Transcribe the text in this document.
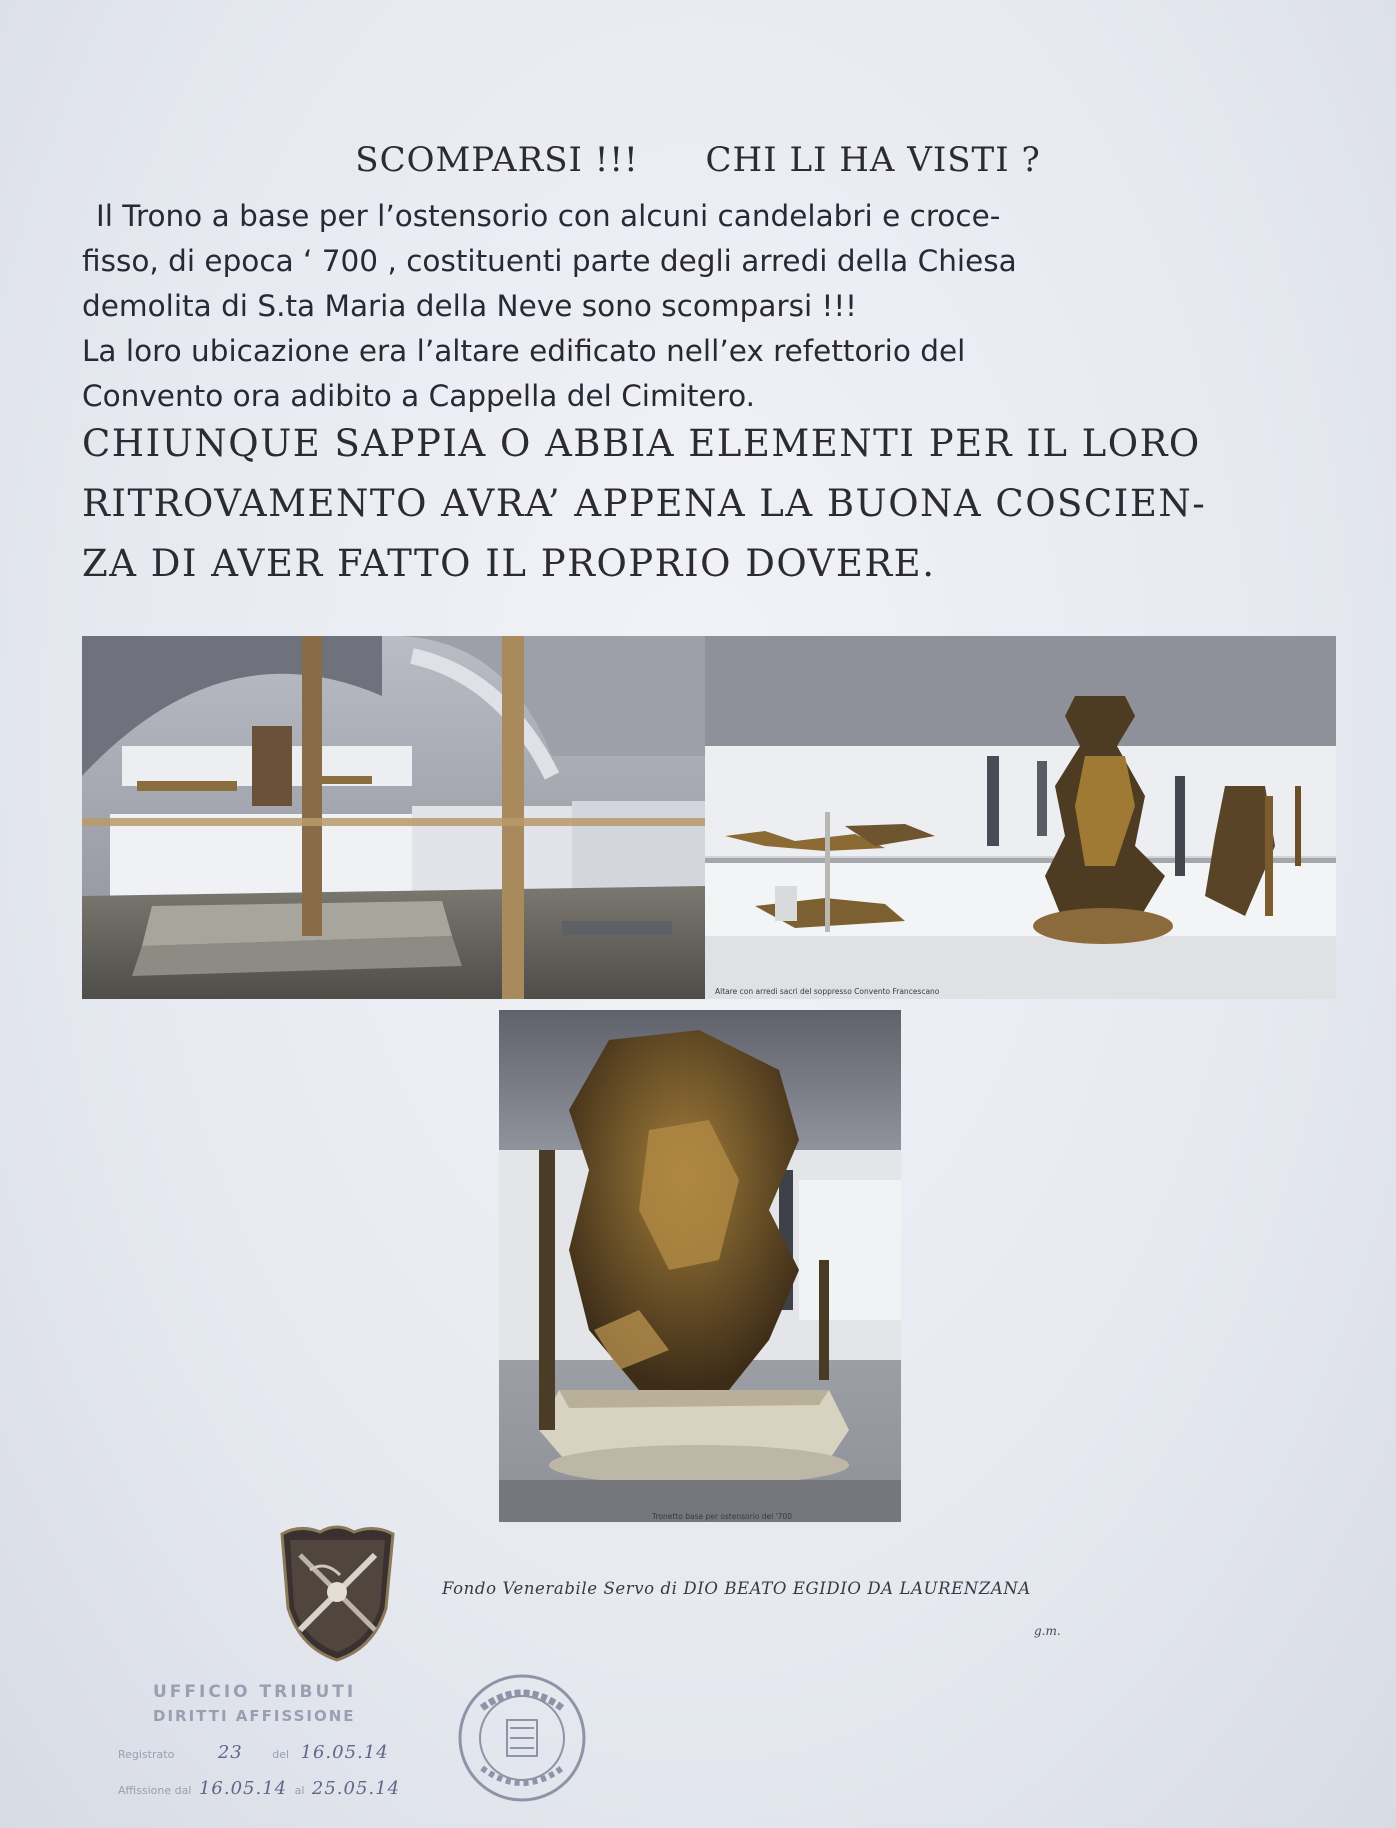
SCOMPARSI !!! CHI LI HA VISTI ?
Il Trono a base per l’ostensorio con alcuni candelabri e croce-
fisso, di epoca ‘ 700 , costituenti parte degli arredi della Chiesa
demolita di S.ta Maria della Neve sono scomparsi !!!
La loro ubicazione era l’altare edificato nell’ex refettorio del
Convento ora adibito a Cappella del Cimitero.
CHIUNQUE SAPPIA O ABBIA ELEMENTI PER IL LORO
RITROVAMENTO AVRA’ APPENA LA BUONA COSCIEN-
ZA DI AVER FATTO IL PROPRIO DOVERE.
Altare con arredi sacri del soppresso Convento Francescano
Tronetto base per ostensorio del '700
Fondo Venerabile Servo di DIO BEATO EGIDIO DA LAURENZANA
g.m.
UFFICIO TRIBUTI
DIRITTI AFFISSIONE
Registrato 23	del 16.05.14
Affissione dal 16.05.14 al 25.05.14
